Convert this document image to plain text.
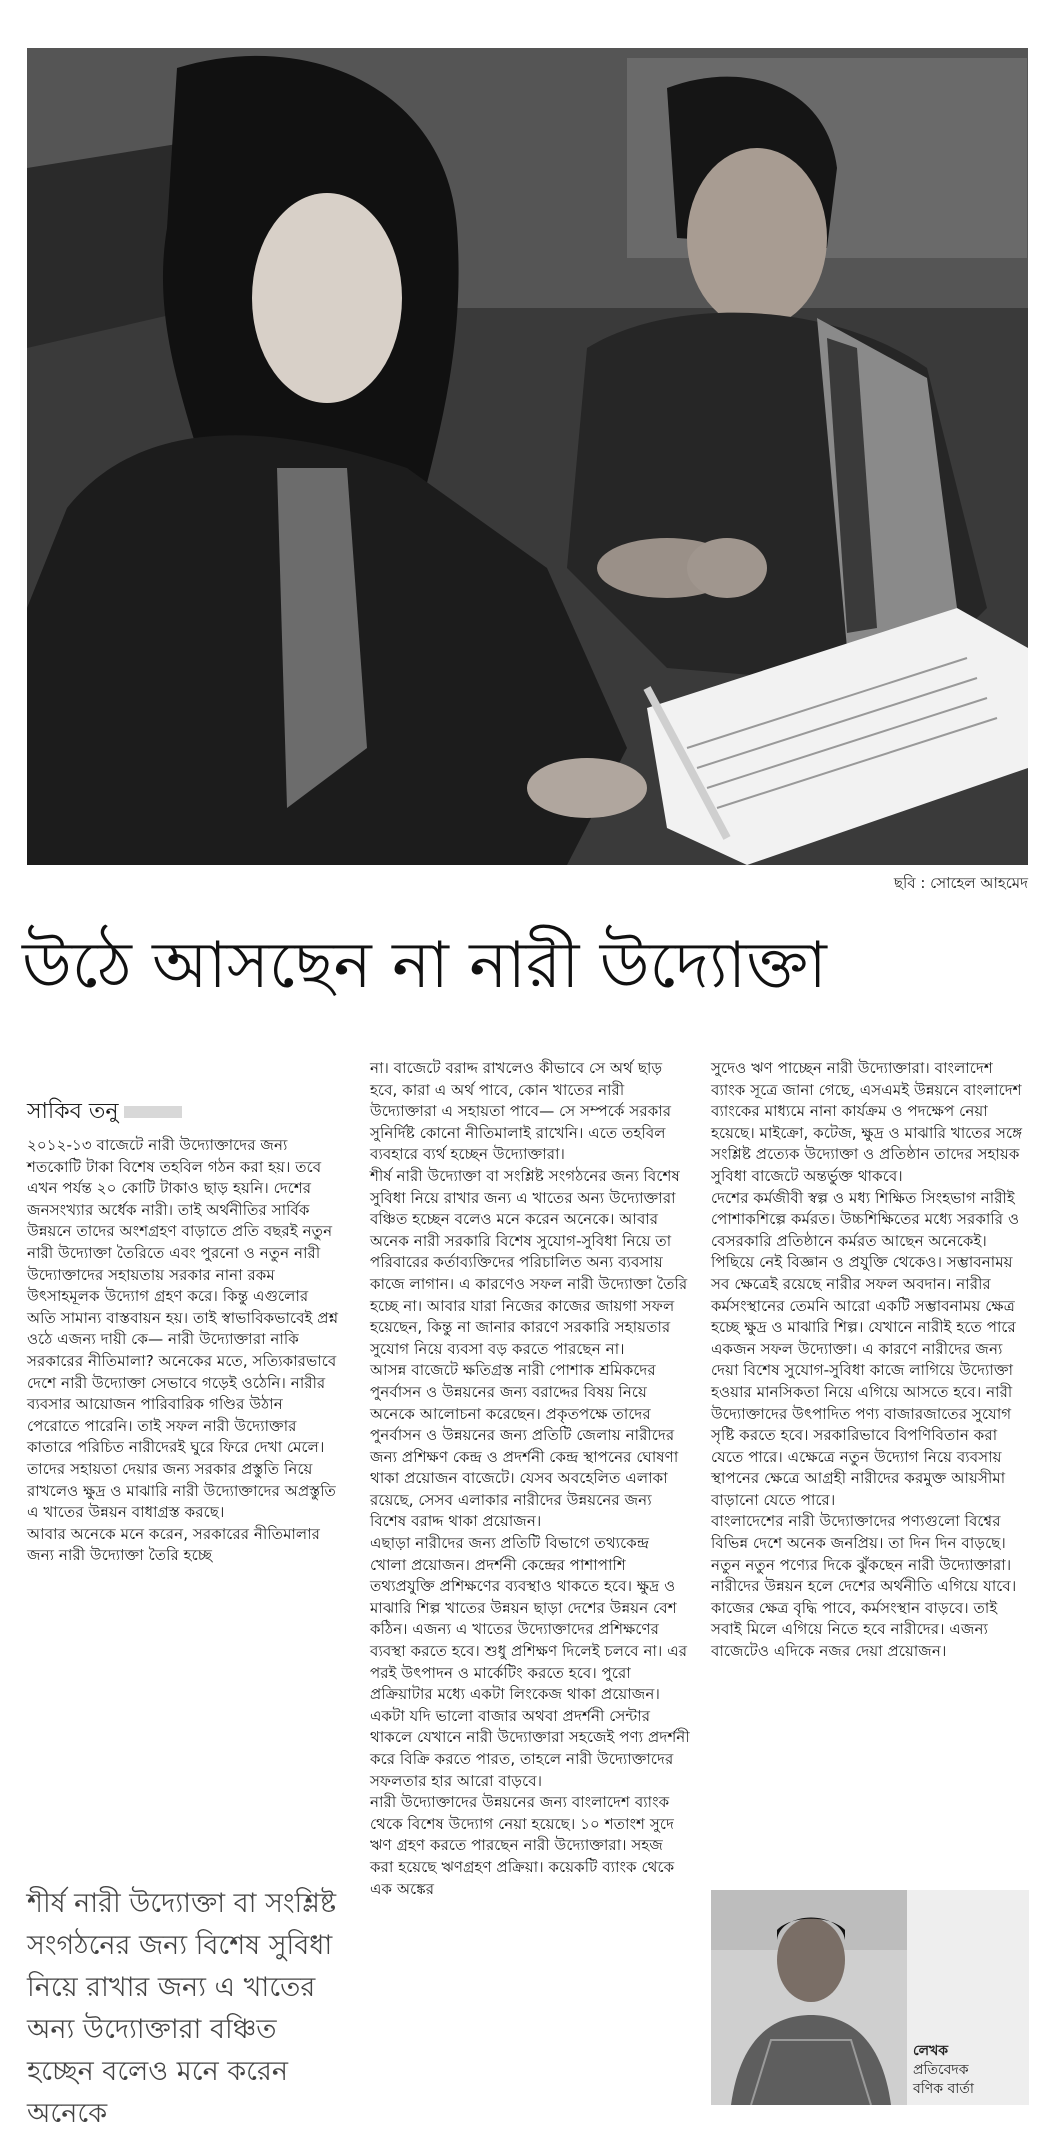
ছবি : সোহেল আহমেদ
উঠে আসছেন না নারী উদ্যোক্তা

সাকিব তনু

২০১২-১৩ বাজেটে নারী উদ্যোক্তাদের জন্য শতকোটি টাকা বিশেষ তহবিল গঠন করা হয়। তবে এখন পর্যন্ত ২০ কোটি টাকাও ছাড় হয়নি। দেশের জনসংখ্যার অর্ধেক নারী। তাই অর্থনীতির সার্বিক উন্নয়নে তাদের অংশগ্রহণ বাড়াতে প্রতি বছরই নতুন নারী উদ্যোক্তা তৈরিতে এবং পুরনো ও নতুন নারী উদ্যোক্তাদের সহায়তায় সরকার নানা রকম উৎসাহমূলক উদ্যোগ গ্রহণ করে। কিন্তু এগুলোর অতি সামান্য বাস্তবায়ন হয়। তাই স্বাভাবিকভাবেই প্রশ্ন ওঠে এজন্য দায়ী কে— নারী উদ্যোক্তারা নাকি সরকারের নীতিমালা? অনেকের মতে, সত্যিকারভাবে দেশে নারী উদ্যোক্তা সেভাবে গড়েই ওঠেনি। নারীর ব্যবসার আয়োজন পারিবারিক গণ্ডির উঠান পেরোতে পারেনি। তাই সফল নারী উদ্যোক্তার কাতারে পরিচিত নারীদেরই ঘুরে ফিরে দেখা মেলে। তাদের সহায়তা দেয়ার জন্য সরকার প্রস্তুতি নিয়ে রাখলেও ক্ষুদ্র ও মাঝারি নারী উদ্যোক্তাদের অপ্রস্তুতি এ খাতের উন্নয়ন বাধাগ্রস্ত করছে।

আবার অনেকে মনে করেন, সরকারের নীতিমালার জন্য নারী উদ্যোক্তা তৈরি হচ্ছে

না। বাজেটে বরাদ্দ রাখলেও কীভাবে সে অর্থ ছাড় হবে, কারা এ অর্থ পাবে, কোন খাতের নারী উদ্যোক্তারা এ সহায়তা পাবে— সে সম্পর্কে সরকার সুনির্দিষ্ট কোনো নীতিমালাই রাখেনি। এতে তহবিল ব্যবহারে ব্যর্থ হচ্ছেন উদ্যোক্তারা।

শীর্ষ নারী উদ্যোক্তা বা সংশ্লিষ্ট সংগঠনের জন্য বিশেষ সুবিধা নিয়ে রাখার জন্য এ খাতের অন্য উদ্যোক্তারা বঞ্চিত হচ্ছেন বলেও মনে করেন অনেকে। আবার অনেক নারী সরকারি বিশেষ সুযোগ-সুবিধা নিয়ে তা পরিবারের কর্তাব্যক্তিদের পরিচালিত অন্য ব্যবসায় কাজে লাগান। এ কারণেও সফল নারী উদ্যোক্তা তৈরি হচ্ছে না। আবার যারা নিজের কাজের জায়গা সফল হয়েছেন, কিন্তু না জানার কারণে সরকারি সহায়তার সুযোগ নিয়ে ব্যবসা বড় করতে পারছেন না।

আসন্ন বাজেটে ক্ষতিগ্রস্ত নারী পোশাক শ্রমিকদের পুনর্বাসন ও উন্নয়নের জন্য বরাদ্দের বিষয় নিয়ে অনেকে আলোচনা করেছেন। প্রকৃতপক্ষে তাদের পুনর্বাসন ও উন্নয়নের জন্য প্রতিটি জেলায় নারীদের জন্য প্রশিক্ষণ কেন্দ্র ও প্রদর্শনী কেন্দ্র স্থাপনের ঘোষণা থাকা প্রয়োজন বাজেটে। যেসব অবহেলিত এলাকা রয়েছে, সেসব এলাকার নারীদের উন্নয়নের জন্য বিশেষ বরাদ্দ থাকা প্রয়োজন।

এছাড়া নারীদের জন্য প্রতিটি বিভাগে তথ্যকেন্দ্র খোলা প্রয়োজন। প্রদর্শনী কেন্দ্রের পাশাপাশি তথ্যপ্রযুক্তি প্রশিক্ষণের ব্যবস্থাও থাকতে হবে। ক্ষুদ্র ও মাঝারি শিল্প খাতের উন্নয়ন ছাড়া দেশের উন্নয়ন বেশ কঠিন। এজন্য এ খাতের উদ্যোক্তাদের প্রশিক্ষণের ব্যবস্থা করতে হবে। শুধু প্রশিক্ষণ দিলেই চলবে না। এর পরই উৎপাদন ও মার্কেটিং করতে হবে। পুরো প্রক্রিয়াটার মধ্যে একটা লিংকেজ থাকা প্রয়োজন। একটা যদি ভালো বাজার অথবা প্রদর্শনী সেন্টার থাকলে যেখানে নারী উদ্যোক্তারা সহজেই পণ্য প্রদর্শনী করে বিক্রি করতে পারত, তাহলে নারী উদ্যোক্তাদের সফলতার হার আরো বাড়বে।

নারী উদ্যোক্তাদের উন্নয়নের জন্য বাংলাদেশ ব্যাংক থেকে বিশেষ উদ্যোগ নেয়া হয়েছে। ১০ শতাংশ সুদে ঋণ গ্রহণ করতে পারছেন নারী উদ্যোক্তারা। সহজ করা হয়েছে ঋণগ্রহণ প্রক্রিয়া। কয়েকটি ব্যাংক থেকে এক অঙ্কের

সুদেও ঋণ পাচ্ছেন নারী উদ্যোক্তারা। বাংলাদেশ ব্যাংক সূত্রে জানা গেছে, এসএমই উন্নয়নে বাংলাদেশ ব্যাংকের মাধ্যমে নানা কার্যক্রম ও পদক্ষেপ নেয়া হয়েছে। মাইক্রো, কটেজ, ক্ষুদ্র ও মাঝারি খাতের সঙ্গে সংশ্লিষ্ট প্রত্যেক উদ্যোক্তা ও প্রতিষ্ঠান তাদের সহায়ক সুবিধা বাজেটে অন্তর্ভুক্ত থাকবে।

দেশের কর্মজীবী স্বল্প ও মধ্য শিক্ষিত সিংহভাগ নারীই পোশাকশিল্পে কর্মরত। উচ্চশিক্ষিতের মধ্যে সরকারি ও বেসরকারি প্রতিষ্ঠানে কর্মরত আছেন অনেকেই। পিছিয়ে নেই বিজ্ঞান ও প্রযুক্তি থেকেও। সম্ভাবনাময় সব ক্ষেত্রেই রয়েছে নারীর সফল অবদান। নারীর কর্মসংস্থানের তেমনি আরো একটি সম্ভাবনাময় ক্ষেত্র হচ্ছে ক্ষুদ্র ও মাঝারি শিল্প। যেখানে নারীই হতে পারে একজন সফল উদ্যোক্তা। এ কারণে নারীদের জন্য দেয়া বিশেষ সুযোগ-সুবিধা কাজে লাগিয়ে উদ্যোক্তা হওয়ার মানসিকতা নিয়ে এগিয়ে আসতে হবে। নারী উদ্যোক্তাদের উৎপাদিত পণ্য বাজারজাতের সুযোগ সৃষ্টি করতে হবে। সরকারিভাবে বিপণিবিতান করা যেতে পারে। এক্ষেত্রে নতুন উদ্যোগ নিয়ে ব্যবসায় স্থাপনের ক্ষেত্রে আগ্রহী নারীদের করমুক্ত আয়সীমা বাড়ানো যেতে পারে।

বাংলাদেশের নারী উদ্যোক্তাদের পণ্যগুলো বিশ্বের বিভিন্ন দেশে অনেক জনপ্রিয়। তা দিন দিন বাড়ছে। নতুন নতুন পণ্যের দিকে ঝুঁকছেন নারী উদ্যোক্তারা। নারীদের উন্নয়ন হলে দেশের অর্থনীতি এগিয়ে যাবে। কাজের ক্ষেত্র বৃদ্ধি পাবে, কর্মসংস্থান বাড়বে। তাই সবাই মিলে এগিয়ে নিতে হবে নারীদের। এজন্য বাজেটেও এদিকে নজর দেয়া প্রয়োজন।

শীর্ষ নারী উদ্যোক্তা বা সংশ্লিষ্ট সংগঠনের জন্য বিশেষ সুবিধা নিয়ে রাখার জন্য এ খাতের অন্য উদ্যোক্তারা বঞ্চিত হচ্ছেন বলেও মনে করেন অনেকে
লেখক
প্রতিবেদক
বণিক বার্তা
